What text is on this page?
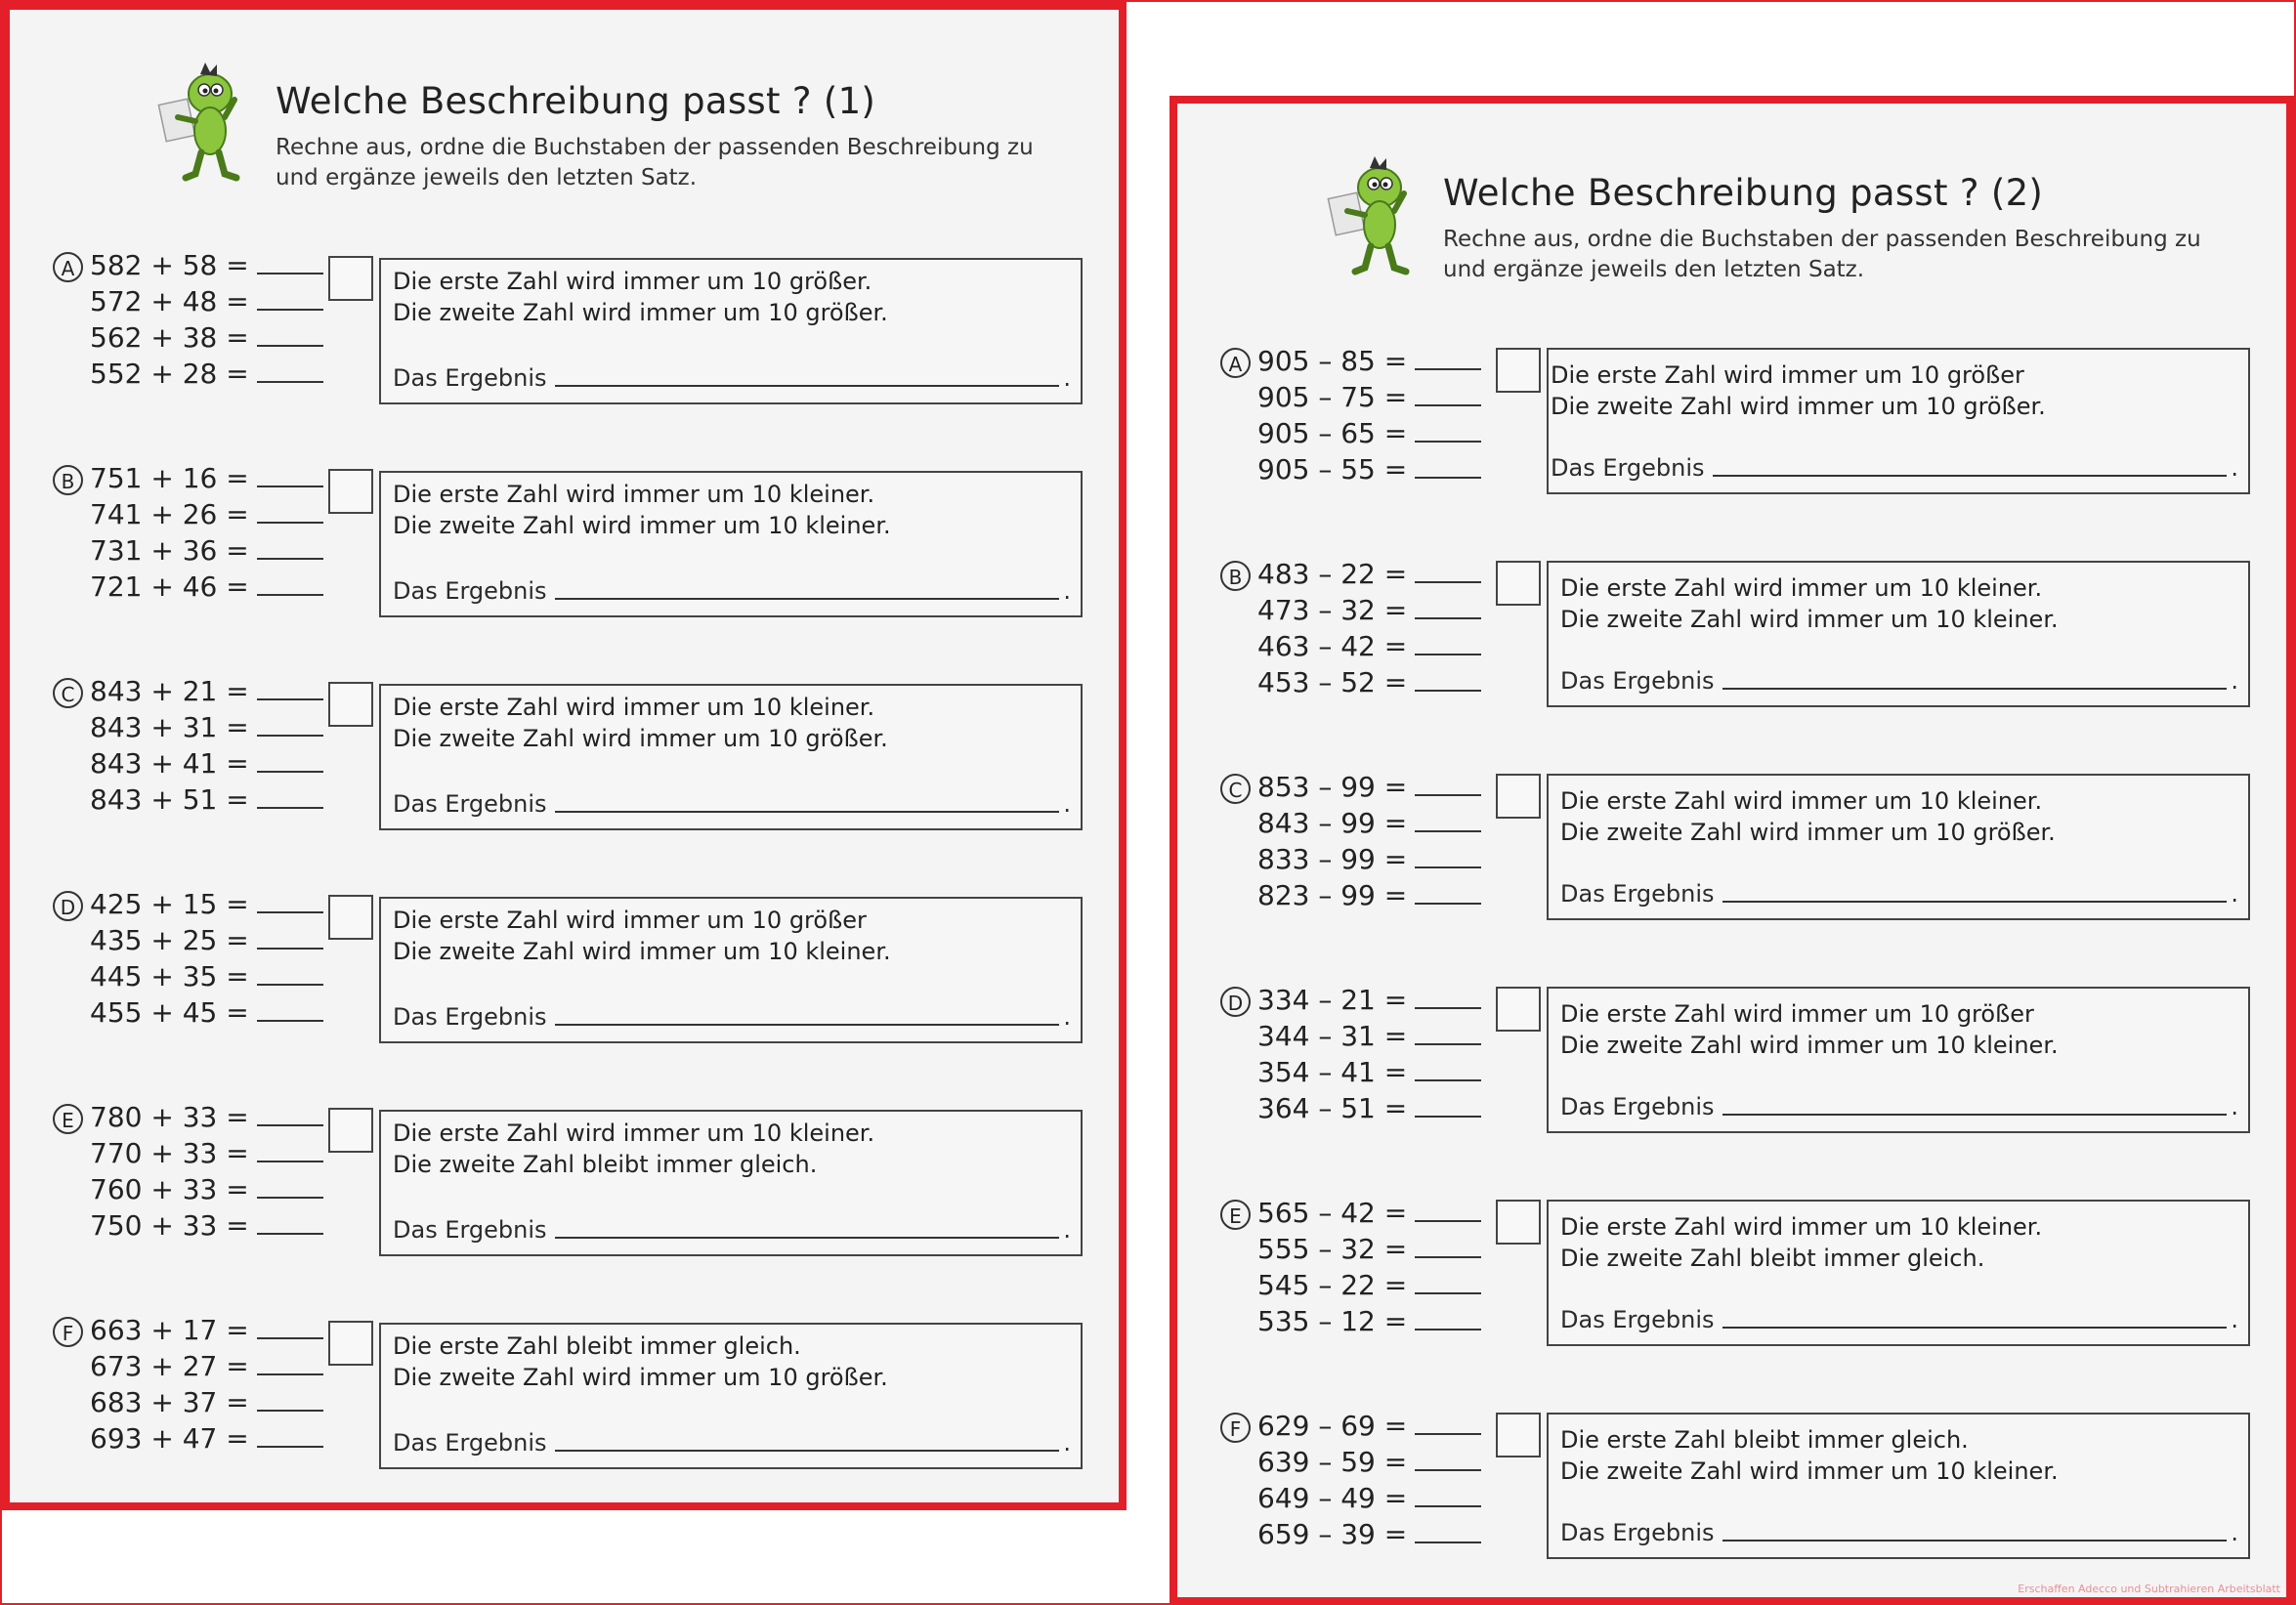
Welche Beschreibung passt ? (1)
Rechne aus, ordne die Buchstaben der passenden Beschreibung zu
und ergänze jeweils den letzten Satz.
A 582 + 58 =
572 + 48 =
562 + 38 =
552 + 28 =
Die erste Zahl wird immer um 10 größer.
Die zweite Zahl wird immer um 10 größer.
Das Ergebnis	.
B 751 + 16 =
741 + 26 =
731 + 36 =
721 + 46 =
Die erste Zahl wird immer um 10 kleiner.
Die zweite Zahl wird immer um 10 kleiner.
Das Ergebnis	.
C 843 + 21 =
843 + 31 =
843 + 41 =
843 + 51 =
Die erste Zahl wird immer um 10 kleiner.
Die zweite Zahl wird immer um 10 größer.
Das Ergebnis	.
D 425 + 15 =
435 + 25 =
445 + 35 =
455 + 45 =
Die erste Zahl wird immer um 10 größer
Die zweite Zahl wird immer um 10 kleiner.
Das Ergebnis	.
E 780 + 33 =
770 + 33 =
760 + 33 =
750 + 33 =
Die erste Zahl wird immer um 10 kleiner.
Die zweite Zahl bleibt immer gleich.
Das Ergebnis	.
F 663 + 17 =
673 + 27 =
683 + 37 =
693 + 47 =
Die erste Zahl bleibt immer gleich.
Die zweite Zahl wird immer um 10 größer.
Das Ergebnis	.
Welche Beschreibung passt ? (2)
Rechne aus, ordne die Buchstaben der passenden Beschreibung zu
und ergänze jeweils den letzten Satz.
A 905 – 85 =
905 – 75 =
905 – 65 =
905 – 55 =
Die erste Zahl wird immer um 10 größer
Die zweite Zahl wird immer um 10 größer.
Das Ergebnis	.
B 483 – 22 =
473 – 32 =
463 – 42 =
453 – 52 =
Die erste Zahl wird immer um 10 kleiner.
Die zweite Zahl wird immer um 10 kleiner.
Das Ergebnis	.
C 853 – 99 =
843 – 99 =
833 – 99 =
823 – 99 =
Die erste Zahl wird immer um 10 kleiner.
Die zweite Zahl wird immer um 10 größer.
Das Ergebnis	.
D 334 – 21 =
344 – 31 =
354 – 41 =
364 – 51 =
Die erste Zahl wird immer um 10 größer
Die zweite Zahl wird immer um 10 kleiner.
Das Ergebnis	.
E 565 – 42 =
555 – 32 =
545 – 22 =
535 – 12 =
Die erste Zahl wird immer um 10 kleiner.
Die zweite Zahl bleibt immer gleich.
Das Ergebnis	.
F 629 – 69 =
639 – 59 =
649 – 49 =
659 – 39 =
Die erste Zahl bleibt immer gleich.
Die zweite Zahl wird immer um 10 kleiner.
Das Ergebnis	.
Erschaffen Adecco und Subtrahieren Arbeitsblatt
